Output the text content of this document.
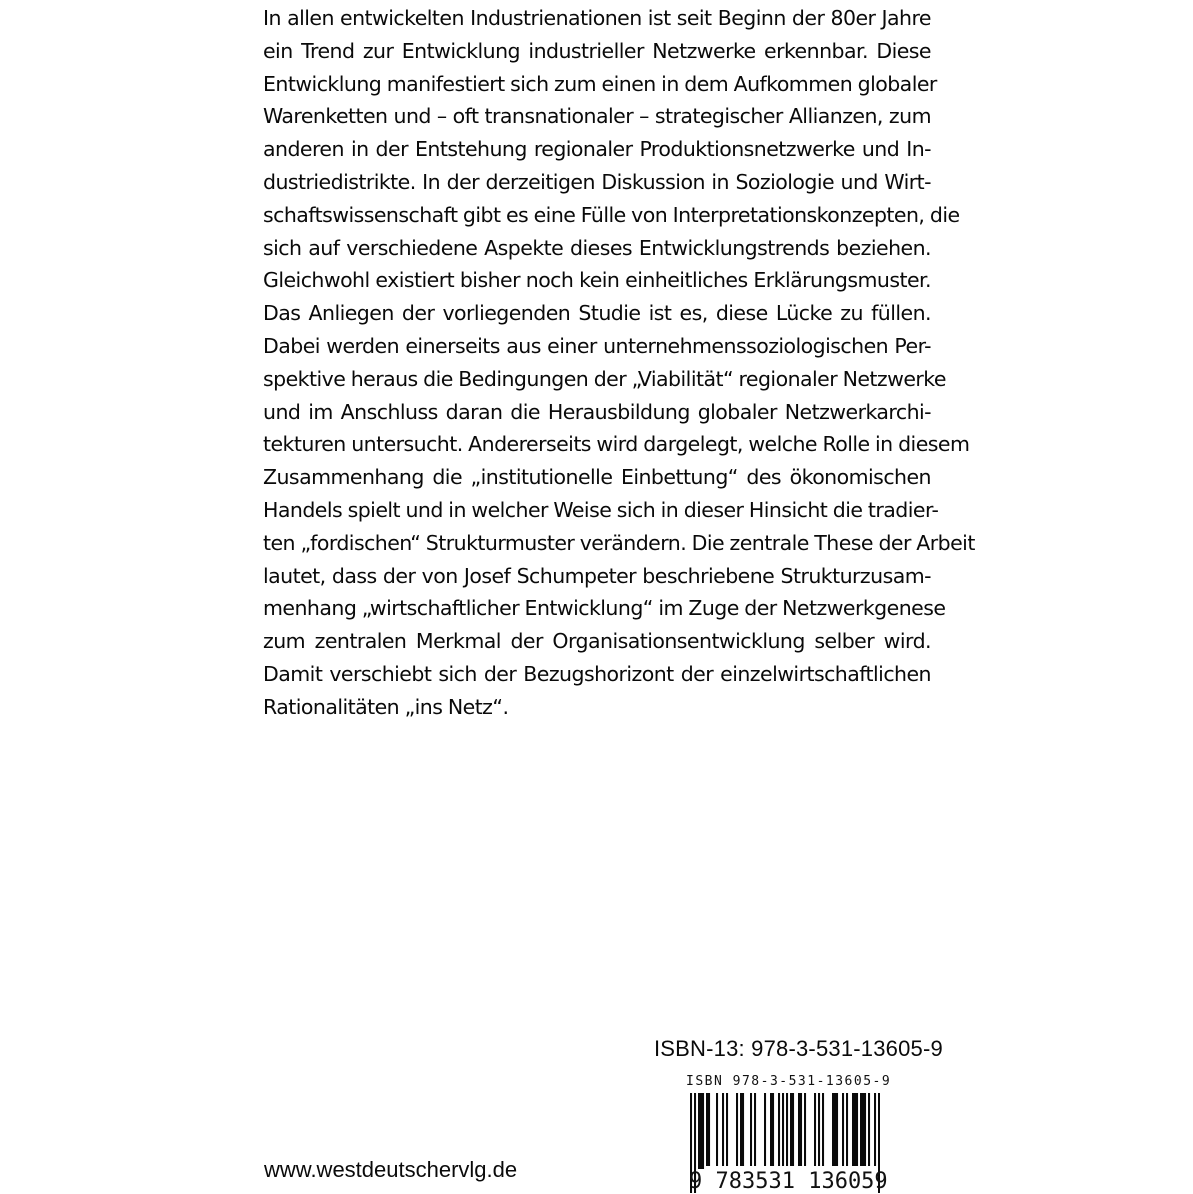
In allen entwickelten Industrienationen ist seit Beginn der 80er Jahre
ein Trend zur Entwicklung industrieller Netzwerke erkennbar. Diese
Entwicklung manifestiert sich zum einen in dem Aufkommen globaler
Warenketten und – oft transnationaler – strategischer Allianzen, zum
anderen in der Entstehung regionaler Produktionsnetzwerke und In-
dustriedistrikte. In der derzeitigen Diskussion in Soziologie und Wirt-
schaftswissenschaft gibt es eine Fülle von Interpretationskonzepten, die
sich auf verschiedene Aspekte dieses Entwicklungstrends beziehen.
Gleichwohl existiert bisher noch kein einheitliches Erklärungsmuster.
Das Anliegen der vorliegenden Studie ist es, diese Lücke zu füllen.
Dabei werden einerseits aus einer unternehmenssoziologischen Per-
spektive heraus die Bedingungen der „Viabilität“ regionaler Netzwerke
und im Anschluss daran die Herausbildung globaler Netzwerkarchi-
tekturen untersucht. Andererseits wird dargelegt, welche Rolle in diesem
Zusammenhang die „institutionelle Einbettung“ des ökonomischen
Handels spielt und in welcher Weise sich in dieser Hinsicht die tradier-
ten „fordischen“ Strukturmuster verändern. Die zentrale These der Arbeit
lautet, dass der von Josef Schumpeter beschriebene Strukturzusam-
menhang „wirtschaftlicher Entwicklung“ im Zuge der Netzwerkgenese
zum zentralen Merkmal der Organisationsentwicklung selber wird.
Damit verschiebt sich der Bezugshorizont der einzelwirtschaftlichen
Rationalitäten „ins Netz“.
ISBN-13: 978-3-531-13605-9
ISBN 978-3-531-13605-9
9 783531 136059
www.westdeutschervlg.de
